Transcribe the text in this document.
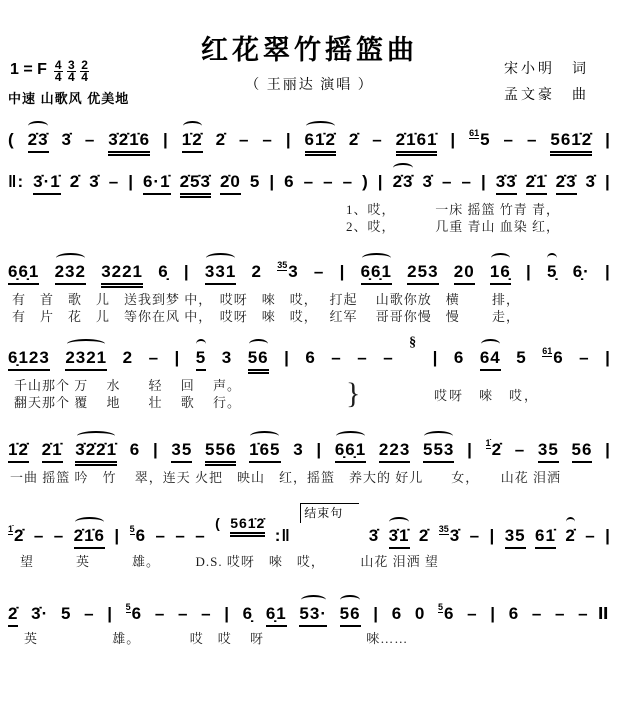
红花翠竹摇篮曲
（ 王丽达 演唱 ）
1 = F $\frac{4}{4}$
$\frac{3}{4}$
$\frac{2}{4}$
中速 山歌风 优美地
宋小明　词
孟文豪　曲
( 2̇3̇ 3̇ – 3̇2̇1̇6 | 1̇2̇ 2̇ – – | 61̇2̇ 2̇ – 2̇1̇61̇ | $^{61}$5 – – 561̇2̇ |
‖: 3̇·1̇ 2̇ 3̇ – | 6·1̇ 2̇5̇3̇ 2̇0 5 | 6 – – – ) | 2̇3̇ 3̇ – – | 3̇3̇ 2̇1̇ 2̇3̇ 3̇ |
1、哎，　　　 一床 摇篮 竹青 青，
2、哎，　　　 几重 青山 血染 红，
6̣6̣1 232 3221 6̣ | 331 2 $^{35}$3 – | 6̣6̣1 253 20 16̣ | 5̣ 6̣· |
有　首　歌　儿　送我到梦 中，　哎呀　唻　哎，　 打起　 山歌你放　横　　 排，
有　片　花　儿　等你在风 中，　哎呀　唻　哎，　 红军　 哥哥你慢　慢　　 走，
6̣123 2321 2 – | 5 3 56 | 6 – – –
§
| 6 64 5 $^{61}$6 – |
千山那个 万　 水　　轻　 回　 声。
翻天那个 覆　 地　　壮　 歌　 行。	}	哎呀　唻　哎，
1̇2̇ 2̇1̇ 3̇2̇2̇1̇ 6 | 35 556 1̇65 3 | 6̣6̣1 223 553 | $^{1̇}$2̇ – 35 56 |
一曲 摇篮 吟　竹　 翠，连天 火把　映山　红，摇篮　养大的 好儿　　女，　　山花 泪洒
$^{1̇}$2̇ – – 2̇1̇6 | $^5$6 – – –
( 561̇2̇
:‖
结束句
3̇ 3̇1̇ 2̇ $^{35}$3̇ – | 35 61̇ 2̇ – |
望　　　英　　　雄。　　　D.S. 哎呀　唻　哎，　　　山花 泪洒 望
2̇ 3̇· 5 – | $^5$6 – – – | 6̣ 6̣1 53· 56 | 6 0 $^5$6 – | 6 – – – ‖
英　　　　　 雄。　　　　哎　哎　 呀　　　　　　　 唻……
